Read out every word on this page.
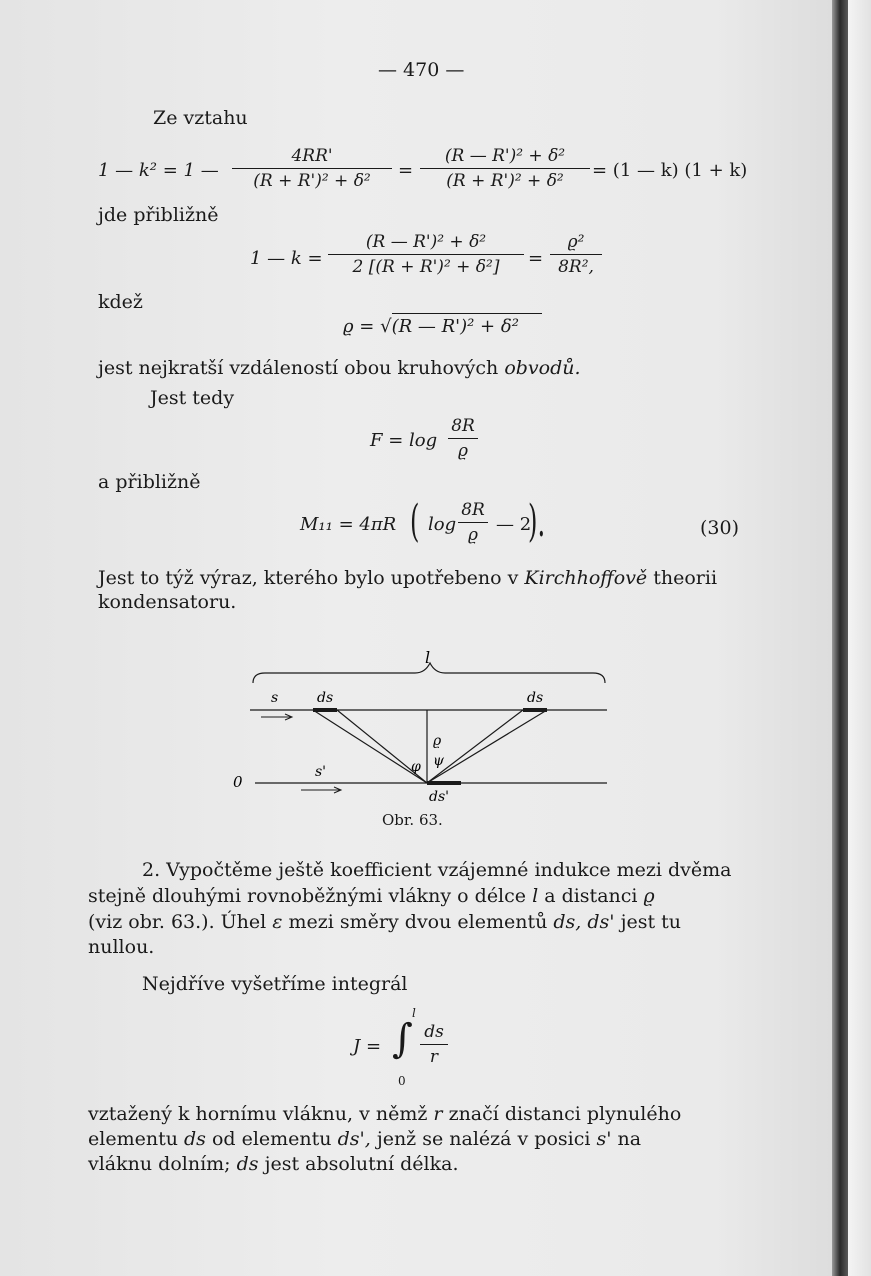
— 470 —
Ze vztahu
1 — k² = 1 —
4RR'
(R + R')² + δ²	=
(R — R')² + δ²
(R + R')² + δ²	= (1 — k) (1 + k)
jde přibližně
1 — k =
(R — R')² + δ²
2 [(R + R')² + δ²]	=
ϱ²
8R²,
kdež
ϱ = √(R — R')² + δ²
jest nejkratší vzdáleností obou kruhových obvodů.
Jest tedy
F = log
8R
ϱ
a přibližně
M₁₁ = 4πR ( log
8R
ϱ	— 2
).	(30)
Jest to týž výraz, kterého bylo upotřebeno v Kirchhoffově theorii
kondensatoru.
l
s	ds	ds
ϱ
ψ
φ
0
s'
ds'
Obr. 63.
2. Vypočtěme ještě koefficient vzájemné indukce mezi dvěma
stejně dlouhými rovnoběžnými vlákny o délce l a distanci ϱ
(viz obr. 63.). Úhel ε mezi směry dvou elementů ds, ds' jest tu
nullou.
Nejdříve vyšetříme integrál
J = ∫
l
0
ds
r
vztažený k hornímu vláknu, v němž r značí distanci plynulého
elementu ds od elementu ds', jenž se nalézá v posici s' na
vláknu dolním; ds jest absolutní délka.
